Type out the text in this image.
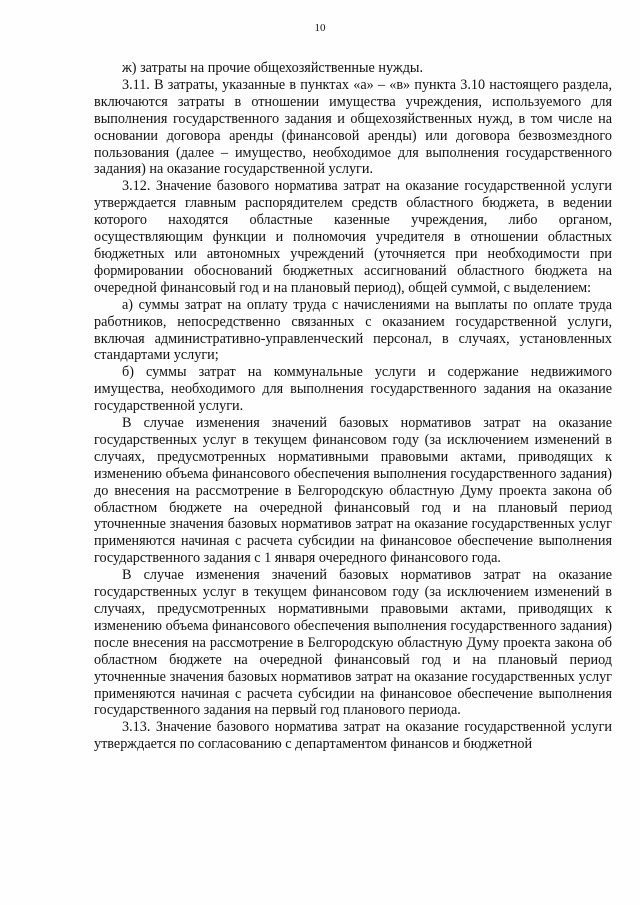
10

ж) затраты на прочие общехозяйственные нужды.

3.11. В затраты, указанные в пунктах «а» – «в» пункта 3.10 настоящего раздела, включаются затраты в отношении имущества учреждения, используемого для выполнения государственного задания и общехозяйственных нужд, в том числе на основании договора аренды (финансовой аренды) или договора безвозмездного пользования (далее – имущество, необходимое для выполнения государственного задания) на оказание государственной услуги.

3.12. Значение базового норматива затрат на оказание государственной услуги утверждается главным распорядителем средств областного бюджета, в ведении которого находятся областные казенные учреждения, либо органом, осуществляющим функции и полномочия учредителя в отношении областных бюджетных или автономных учреждений (уточняется при необходимости при формировании обоснований бюджетных ассигнований областного бюджета на очередной финансовый год и на плановый период), общей суммой, с выделением:

а) суммы затрат на оплату труда с начислениями на выплаты по оплате труда работников, непосредственно связанных с оказанием государственной услуги, включая административно-управленческий персонал, в случаях, установленных стандартами услуги;

б) суммы затрат на коммунальные услуги и содержание недвижимого имущества, необходимого для выполнения государственного задания на оказание государственной услуги.

В случае изменения значений базовых нормативов затрат на оказание государственных услуг в текущем финансовом году (за исключением изменений в случаях, предусмотренных нормативными правовыми актами, приводящих к изменению объема финансового обеспечения выполнения государственного задания) до внесения на рассмотрение в Белгородскую областную Думу проекта закона об областном бюджете на очередной финансовый год и на плановый период уточненные значения базовых нормативов затрат на оказание государственных услуг применяются начиная с расчета субсидии на финансовое обеспечение выполнения государственного задания с 1 января очередного финансового года.

В случае изменения значений базовых нормативов затрат на оказание государственных услуг в текущем финансовом году (за исключением изменений в случаях, предусмотренных нормативными правовыми актами, приводящих к изменению объема финансового обеспечения выполнения государственного задания) после внесения на рассмотрение в Белгородскую областную Думу проекта закона об областном бюджете на очередной финансовый год и на плановый период уточненные значения базовых нормативов затрат на оказание государственных услуг применяются начиная с расчета субсидии на финансовое обеспечение выполнения государственного задания на первый год планового периода.

3.13. Значение базового норматива затрат на оказание государственной услуги утверждается по согласованию с департаментом финансов и бюджетной
